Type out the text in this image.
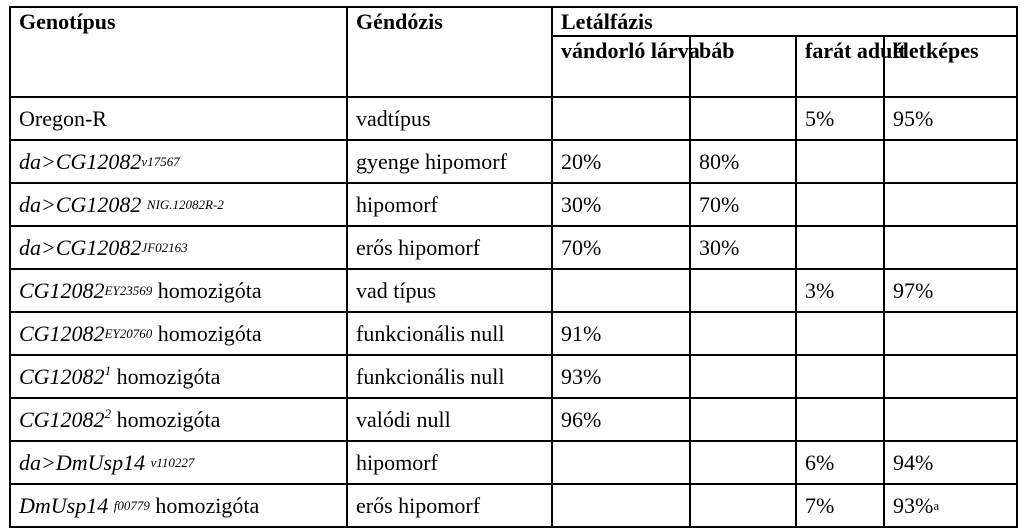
Genotípus	Géndózis	Letálfázis			
		vándorló lárva	báb	farát adult	életképes
Oregon-R	vadtípus			5%	95%
$da>CG12082^{v17567}$	gyenge hipomorf	20%	80%		
da>CG12082 $^{NIG.12082R-2}$	hipomorf	30%	70%		
$da>CG12082^{JF02163}$	erős hipomorf	70%	30%		
$CG12082^{EY23569}$ homozigóta	vad típus			3%	97%
$CG12082^{EY20760}$ homozigóta	funkcionális null	91%			
CG12082$^1$ homozigóta	funkcionális null	93%			
CG12082$^2$ homozigóta	valódi null	96%			
da>DmUsp14 $^{v110227}$	hipomorf			6%	94%
DmUsp14 $^{f00779}$ homozigóta	erős hipomorf			7%	93%$^a$
